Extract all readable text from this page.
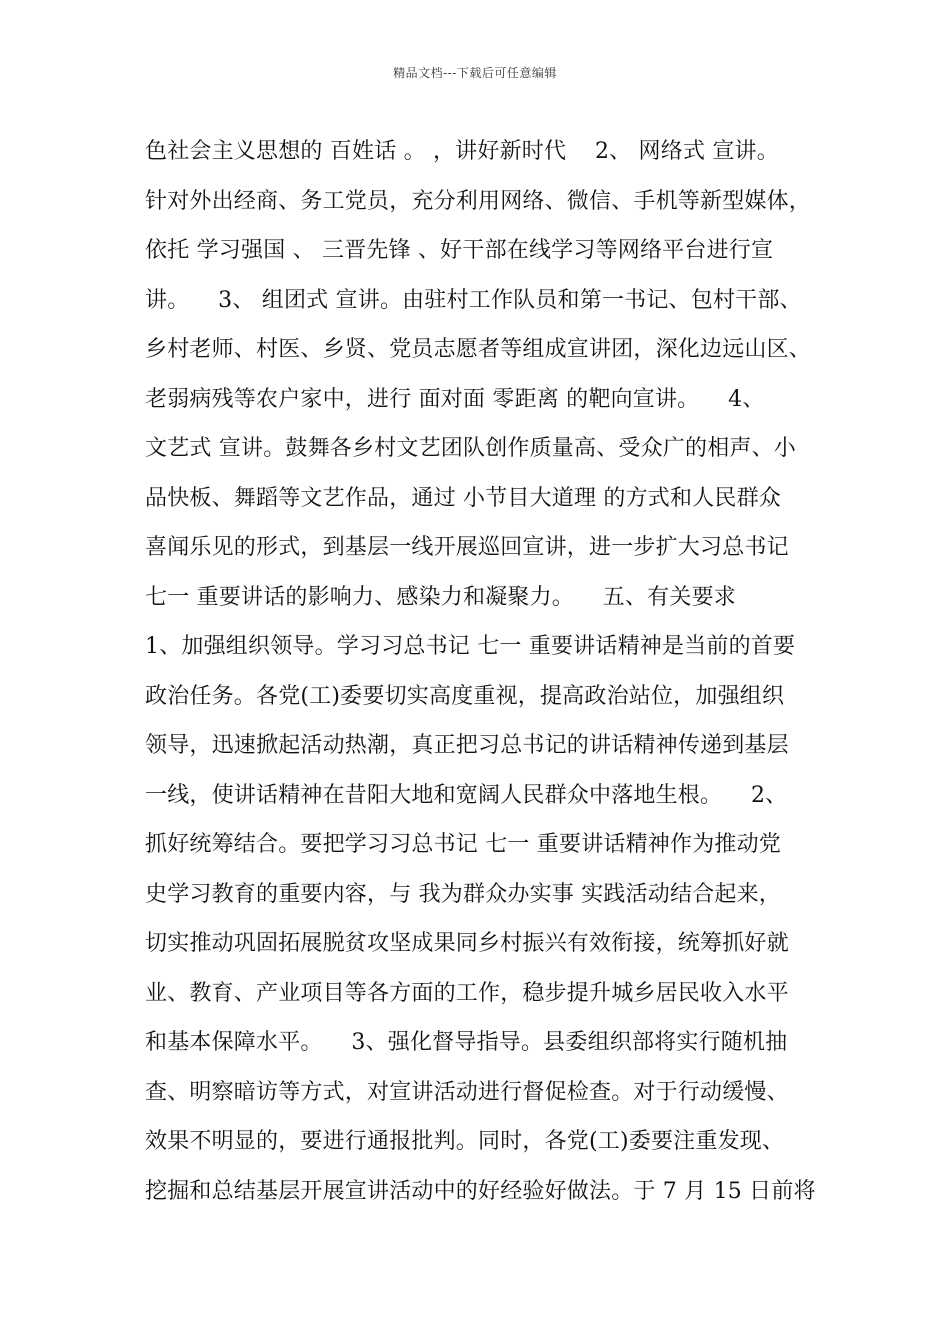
精品文档---下载后可任意编辑
色社会主义思想的 百姓话 。 ，讲好新时代    2、 网络式 宣讲。
针对外出经商、务工党员，充分利用网络、微信、手机等新型媒体，
依托 学习强国 、 三晋先锋 、好干部在线学习等网络平台进行宣
讲。    3、 组团式 宣讲。由驻村工作队员和第一书记、包村干部、
乡村老师、村医、乡贤、党员志愿者等组成宣讲团，深化边远山区、
老弱病残等农户家中，进行 面对面 零距离 的靶向宣讲。    4、
文艺式 宣讲。鼓舞各乡村文艺团队创作质量高、受众广的相声、小
品快板、舞蹈等文艺作品，通过 小节目大道理 的方式和人民群众
喜闻乐见的形式，到基层一线开展巡回宣讲，进一步扩大习总书记
七一 重要讲话的影响力、感染力和凝聚力。    五、有关要求
1、加强组织领导。学习习总书记 七一 重要讲话精神是当前的首要
政治任务。各党(工)委要切实高度重视，提高政治站位，加强组织
领导，迅速掀起活动热潮，真正把习总书记的讲话精神传递到基层
一线，使讲话精神在昔阳大地和宽阔人民群众中落地生根。    2、
抓好统筹结合。要把学习习总书记 七一 重要讲话精神作为推动党
史学习教育的重要内容，与 我为群众办实事 实践活动结合起来，
切实推动巩固拓展脱贫攻坚成果同乡村振兴有效衔接，统筹抓好就
业、教育、产业项目等各方面的工作，稳步提升城乡居民收入水平
和基本保障水平。    3、强化督导指导。县委组织部将实行随机抽
查、明察暗访等方式，对宣讲活动进行督促检查。对于行动缓慢、
效果不明显的，要进行通报批判。同时，各党(工)委要注重发现、
挖掘和总结基层开展宣讲活动中的好经验好做法。于 7 月 15 日前将
